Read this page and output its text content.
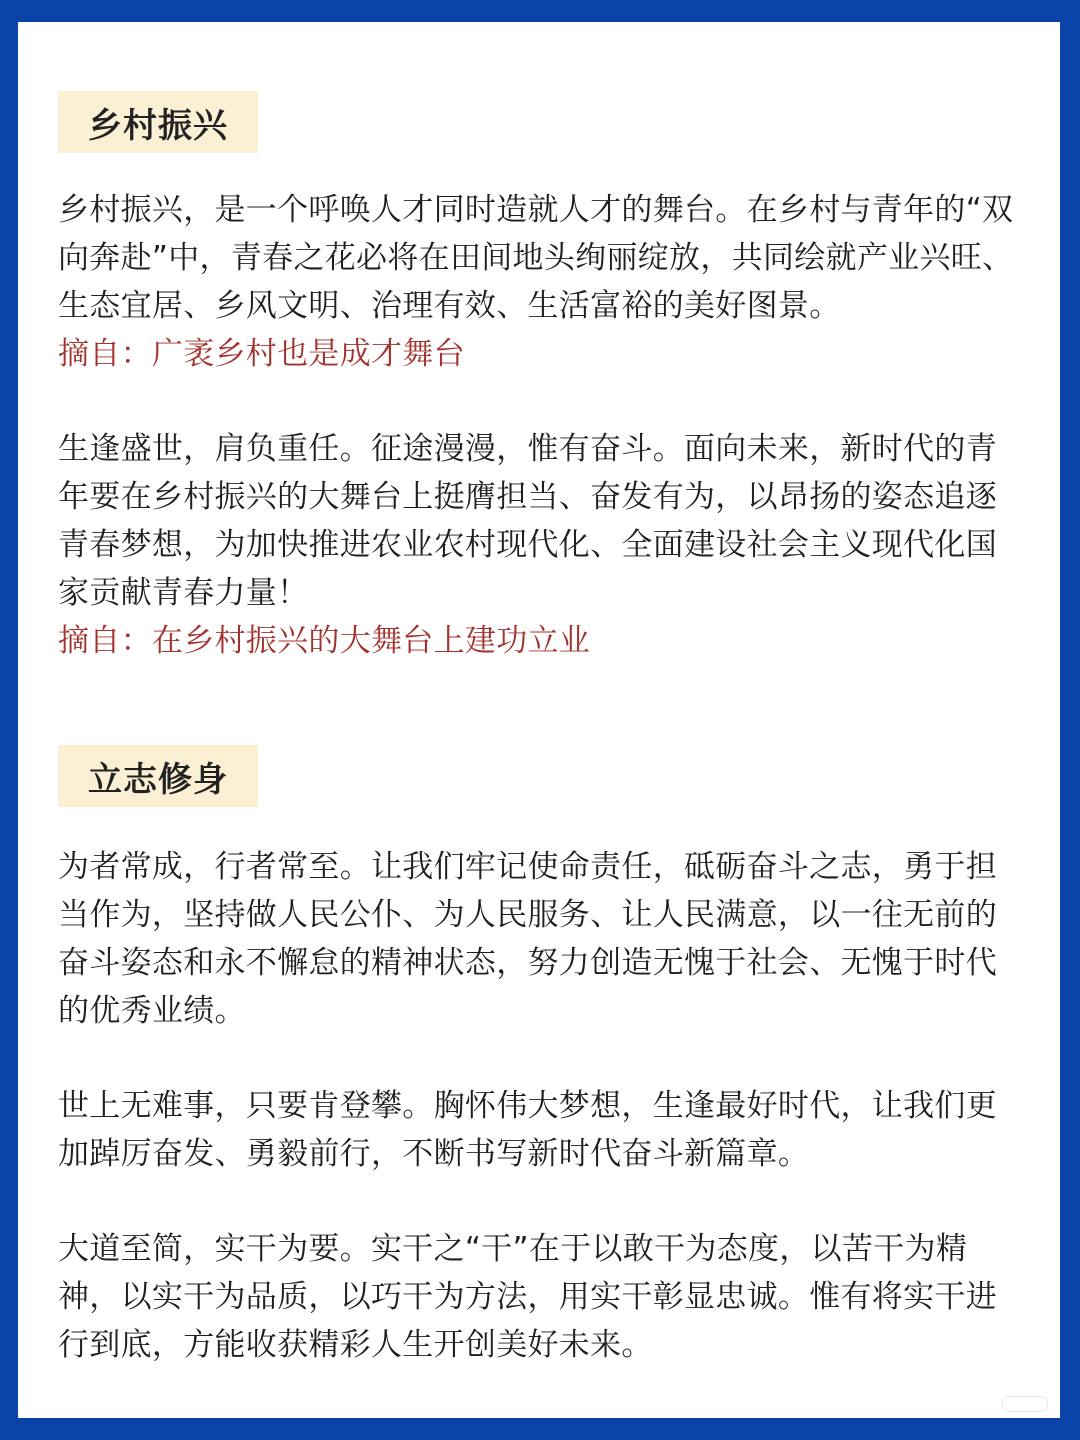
乡村振兴

乡村振兴，是一个呼唤人才同时造就人才的舞台。在乡村与青年的“双向奔赴”中，青春之花必将在田间地头绚丽绽放，共同绘就产业兴旺、生态宜居、乡风文明、治理有效、生活富裕的美好图景。

摘自：广袤乡村也是成才舞台

生逢盛世，肩负重任。征途漫漫，惟有奋斗。面向未来，新时代的青年要在乡村振兴的大舞台上挺膺担当、奋发有为，以昂扬的姿态追逐青春梦想，为加快推进农业农村现代化、全面建设社会主义现代化国家贡献青春力量！

摘自：在乡村振兴的大舞台上建功立业

立志修身

为者常成，行者常至。让我们牢记使命责任，砥砺奋斗之志，勇于担当作为，坚持做人民公仆、为人民服务、让人民满意，以一往无前的奋斗姿态和永不懈怠的精神状态，努力创造无愧于社会、无愧于时代的优秀业绩。

世上无难事，只要肯登攀。胸怀伟大梦想，生逢最好时代，让我们更加踔厉奋发、勇毅前行，不断书写新时代奋斗新篇章。

大道至简，实干为要。实干之“干”在于以敢干为态度，以苦干为精神，以实干为品质，以巧干为方法，用实干彰显忠诚。惟有将实干进行到底，方能收获精彩人生开创美好未来。
